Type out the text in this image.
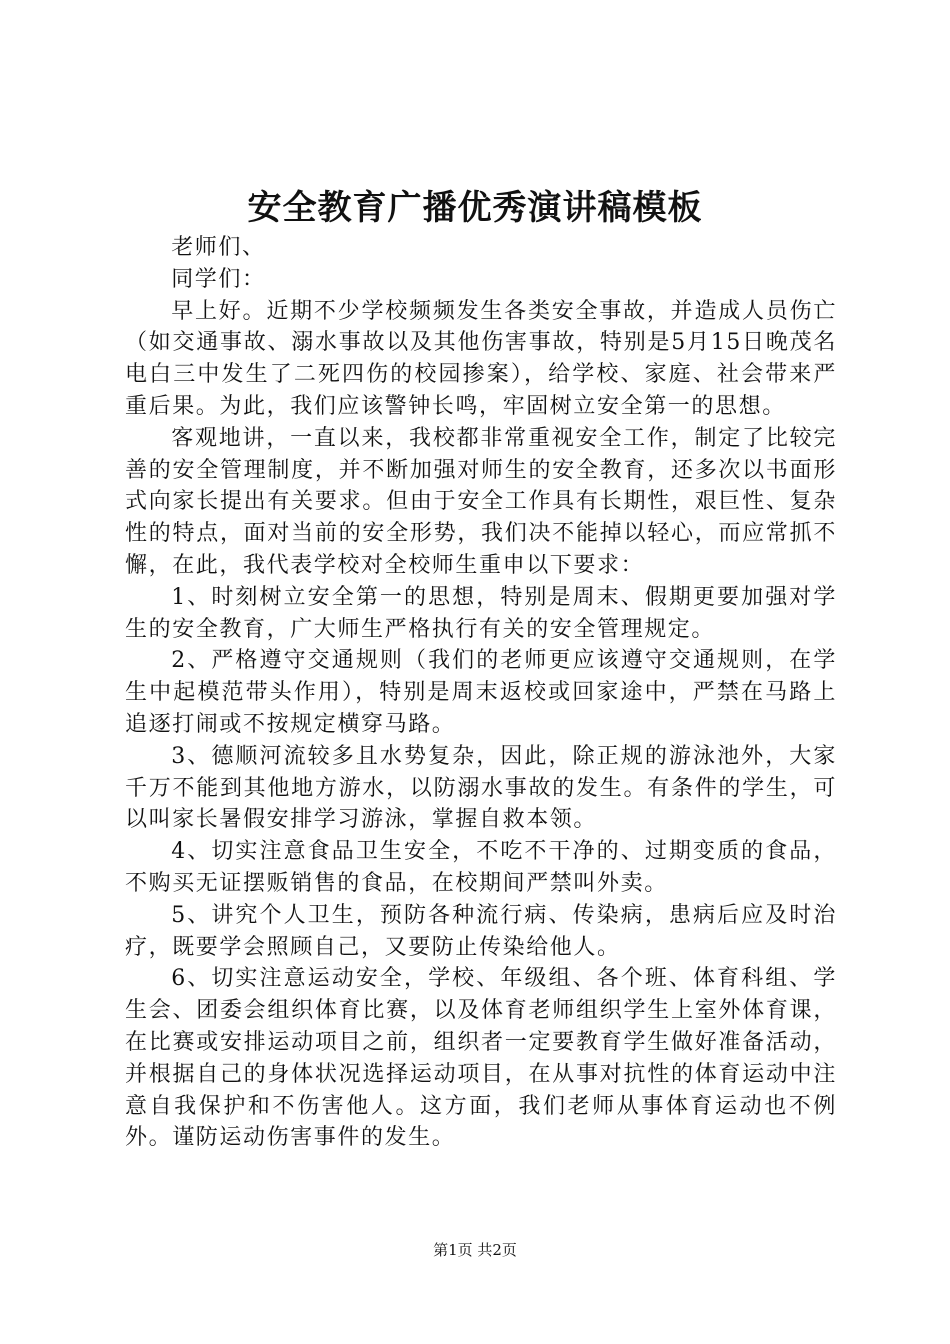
安全教育广播优秀演讲稿模板

老师们、

同学们：

早上好。近期不少学校频频发生各类安全事故，并造成人员伤亡（如交通事故、溺水事故以及其他伤害事故，特别是5月15日晚茂名电白三中发生了二死四伤的校园掺案），给学校、家庭、社会带来严重后果。为此，我们应该警钟长鸣，牢固树立安全第一的思想。

客观地讲，一直以来，我校都非常重视安全工作，制定了比较完善的安全管理制度，并不断加强对师生的安全教育，还多次以书面形式向家长提出有关要求。但由于安全工作具有长期性，艰巨性、复杂性的特点，面对当前的安全形势，我们决不能掉以轻心，而应常抓不懈，在此，我代表学校对全校师生重申以下要求：

1、时刻树立安全第一的思想，特别是周末、假期更要加强对学生的安全教育，广大师生严格执行有关的安全管理规定。

2、严格遵守交通规则（我们的老师更应该遵守交通规则，在学生中起模范带头作用），特别是周末返校或回家途中，严禁在马路上追逐打闹或不按规定横穿马路。

3、德顺河流较多且水势复杂，因此，除正规的游泳池外，大家千万不能到其他地方游水，以防溺水事故的发生。有条件的学生，可以叫家长暑假安排学习游泳，掌握自救本领。

4、切实注意食品卫生安全，不吃不干净的、过期变质的食品，不购买无证摆贩销售的食品，在校期间严禁叫外卖。

5、讲究个人卫生，预防各种流行病、传染病，患病后应及时治疗，既要学会照顾自己，又要防止传染给他人。

6、切实注意运动安全，学校、年级组、各个班、体育科组、学生会、团委会组织体育比赛，以及体育老师组织学生上室外体育课，在比赛或安排运动项目之前，组织者一定要教育学生做好准备活动，并根据自己的身体状况选择运动项目，在从事对抗性的体育运动中注意自我保护和不伤害他人。这方面，我们老师从事体育运动也不例外。谨防运动伤害事件的发生。

第1页 共2页
